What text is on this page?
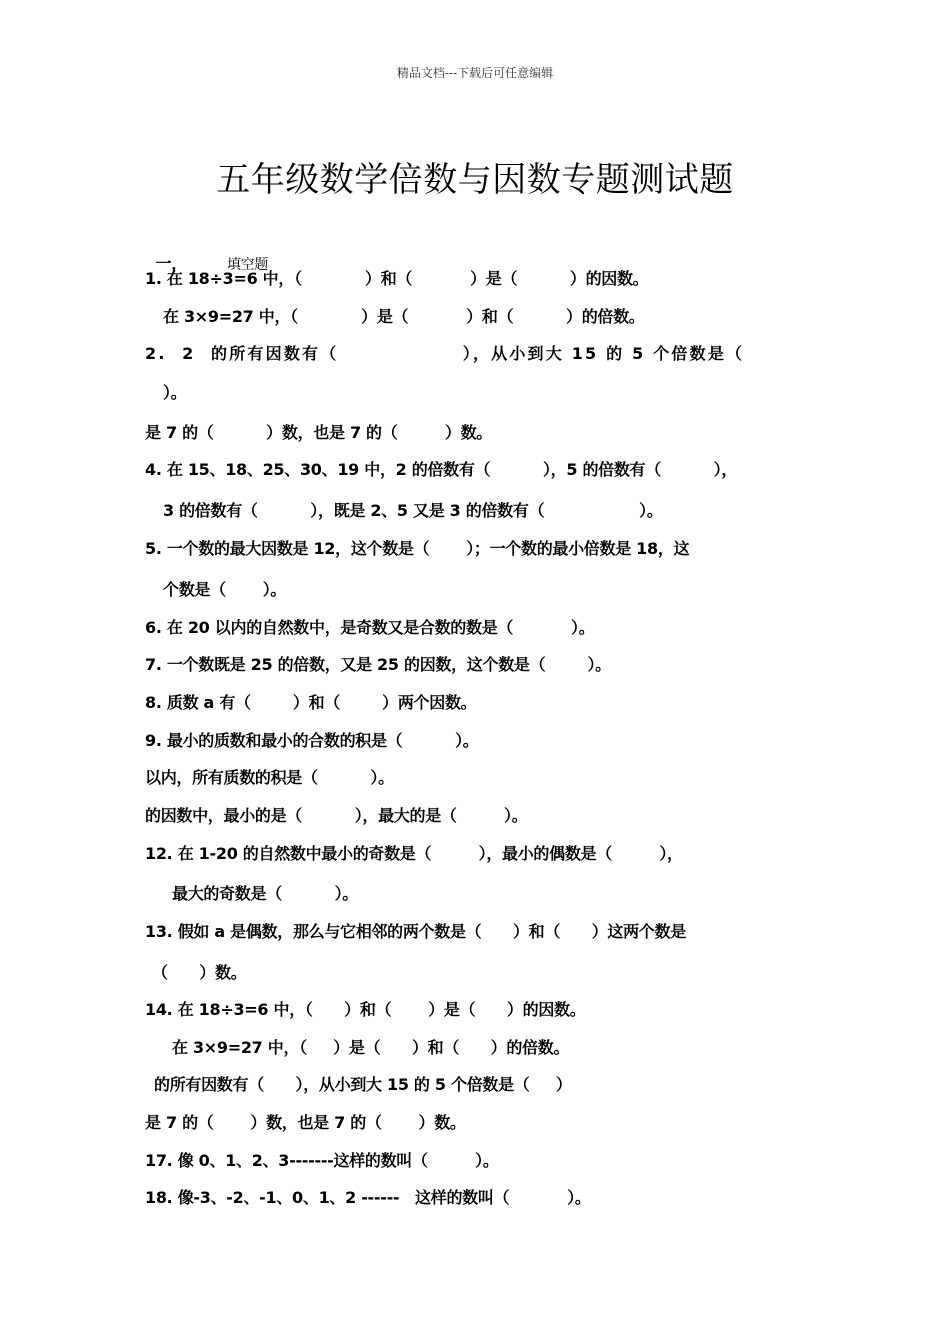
精品文档---下载后可任意编辑
五年级数学倍数与因数专题测试题

一，	填空题

1. 在 18÷3=6 中，（            ）和（           ）是（          ）的因数。
在 3×9=27 中，（            ）是（           ）和（          ）的倍数。
2.  2  的所有因数有（                ），从小到大 15 的 5 个倍数是（
）。
是 7 的（          ）数，也是 7 的（         ）数。
4. 在 15、18、25、30、19 中，2 的倍数有（          ），5 的倍数有（          ），
3 的倍数有（          ），既是 2、5 又是 3 的倍数有（                  ）。
5. 一个数的最大因数是 12，这个数是（       ）；一个数的最小倍数是 18，这
个数是（       ）。
6. 在 20 以内的自然数中，是奇数又是合数的数是（           ）。
7. 一个数既是 25 的倍数，又是 25 的因数，这个数是（        ）。
8. 质数 a 有（        ）和（        ）两个因数。
9. 最小的质数和最小的合数的积是（          ）。
以内，所有质数的积是（          ）。
的因数中，最小的是（          ），最大的是（         ）。
12. 在 1-20 的自然数中最小的奇数是（         ），最小的偶数是（         ），
最大的奇数是（          ）。
13. 假如 a 是偶数，那么与它相邻的两个数是（      ）和（      ）这两个数是
（      ）数。
14. 在 18÷3=6 中，（      ）和（       ）是（      ）的因数。
在 3×9=27 中，（     ）是（      ）和（      ）的倍数。
的所有因数有（      ），从小到大 15 的 5 个倍数是（     ）
是 7 的（       ）数，也是 7 的（       ）数。
17. 像 0、1、2、3-------这样的数叫（         ）。
18. 像-3、-2、-1、0、1、2 ------   这样的数叫（           ）。
